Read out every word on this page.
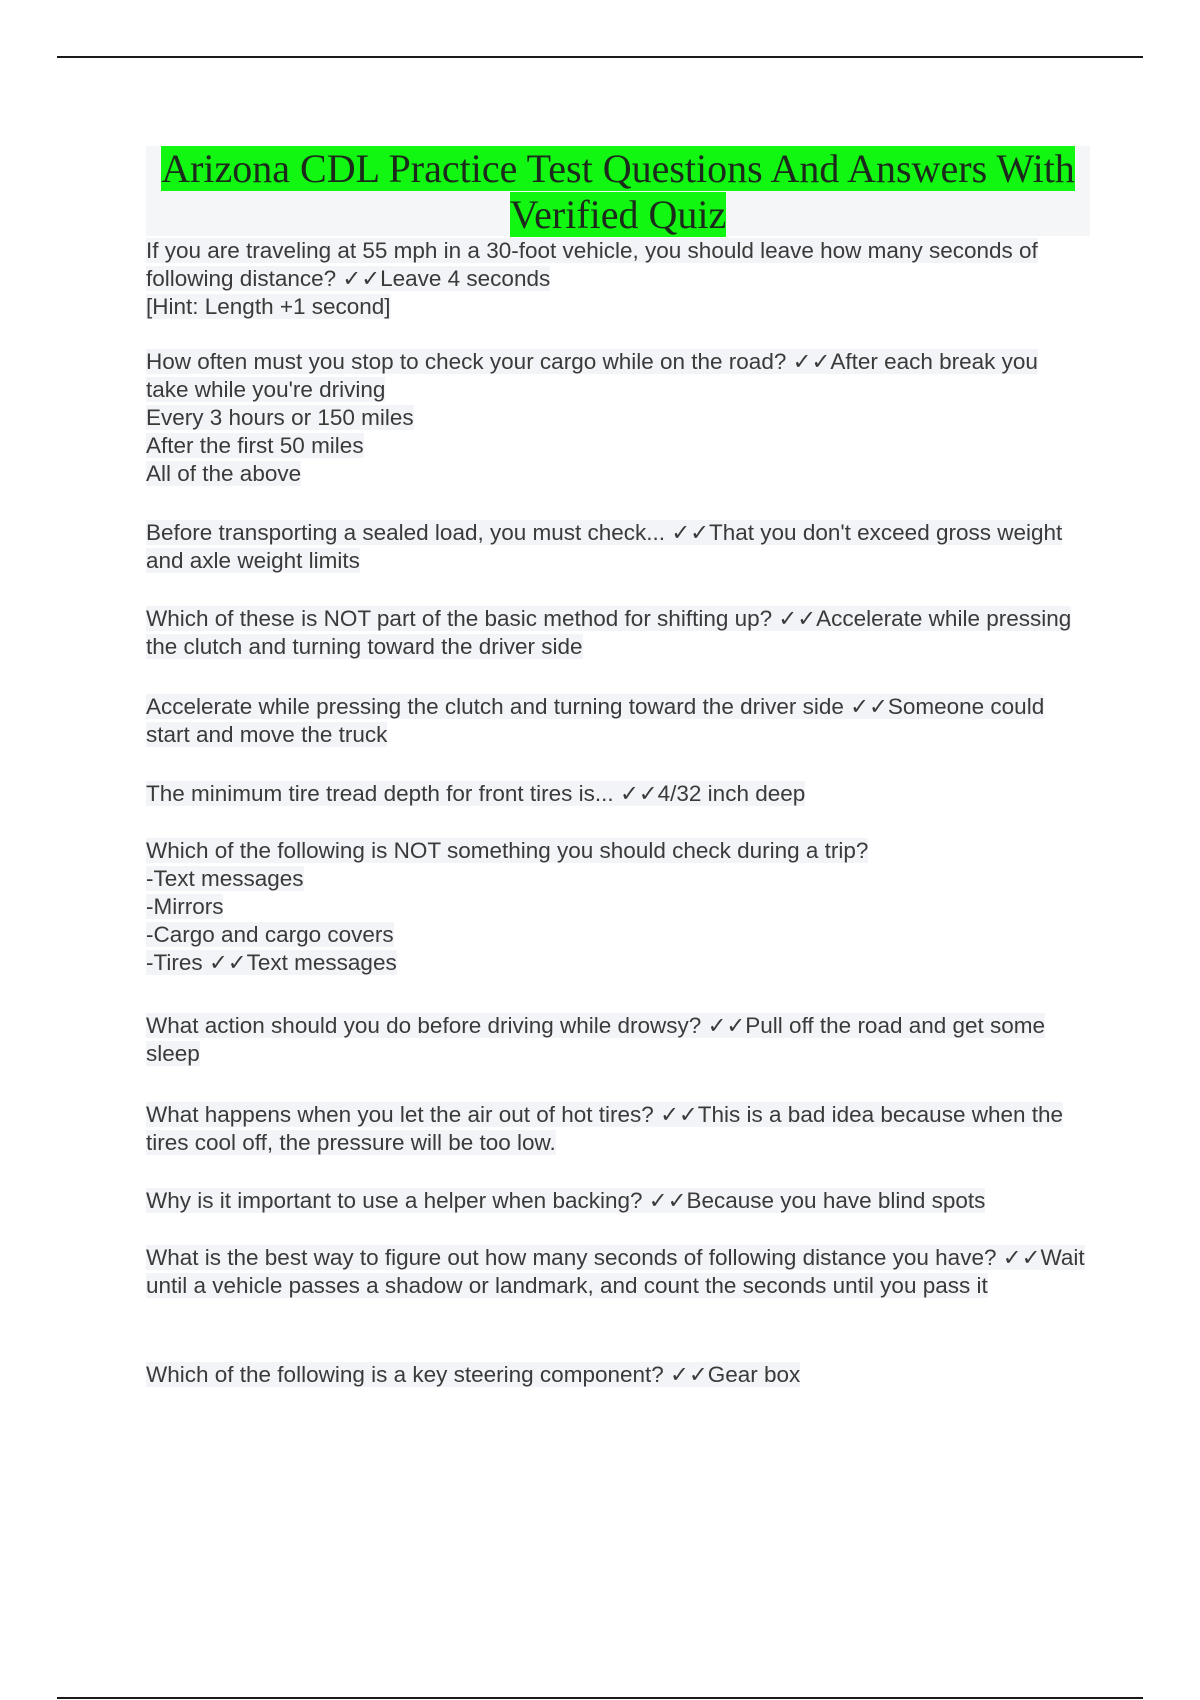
Arizona CDL Practice Test Questions And Answers With
Verified Quiz

If you are traveling at 55 mph in a 30-foot vehicle, you should leave how many seconds of following distance? ✓✓Leave 4 seconds

[Hint: Length +1 second]

How often must you stop to check your cargo while on the road? ✓✓After each break you take while you're driving

Every 3 hours or 150 miles

After the first 50 miles

All of the above

Before transporting a sealed load, you must check... ✓✓That you don't exceed gross weight and axle weight limits

Which of these is NOT part of the basic method for shifting up? ✓✓Accelerate while pressing the clutch and turning toward the driver side

Accelerate while pressing the clutch and turning toward the driver side ✓✓Someone could start and move the truck

The minimum tire tread depth for front tires is... ✓✓4/32 inch deep

Which of the following is NOT something you should check during a trip?

-Text messages

-Mirrors

-Cargo and cargo covers

-Tires ✓✓Text messages

What action should you do before driving while drowsy? ✓✓Pull off the road and get some sleep

What happens when you let the air out of hot tires? ✓✓This is a bad idea because when the tires cool off, the pressure will be too low.

Why is it important to use a helper when backing? ✓✓Because you have blind spots

What is the best way to figure out how many seconds of following distance you have? ✓✓Wait until a vehicle passes a shadow or landmark, and count the seconds until you pass it

Which of the following is a key steering component? ✓✓Gear box
